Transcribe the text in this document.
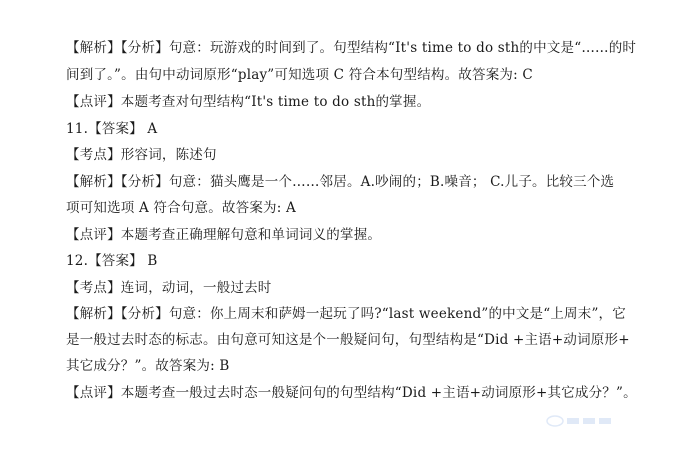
【解析】【分析】句意：玩游戏的时间到了。句型结构“It's time to do sth的中文是“……的时
间到了。”。由句中动词原形“play”可知选项 C 符合本句型结构。故答案为: C
【点评】本题考查对句型结构“It's time to do sth的掌握。
11.【答案】 A
【考点】形容词，陈述句
【解析】【分析】句意：猫头鹰是一个……邻居。A.吵闹的；B.噪音； C.儿子。比较三个选
项可知选项 A 符合句意。故答案为: A
【点评】本题考查正确理解句意和单词词义的掌握。
12.【答案】 B
【考点】连词，动词，一般过去时
【解析】【分析】句意：你上周末和萨姆一起玩了吗?“last weekend”的中文是“上周末”，它
是一般过去时态的标志。由句意可知这是个一般疑问句，句型结构是“Did +主语+动词原形+
其它成分？”。故答案为: B
【点评】本题考查一般过去时态一般疑问句的句型结构“Did +主语+动词原形+其它成分？”。
